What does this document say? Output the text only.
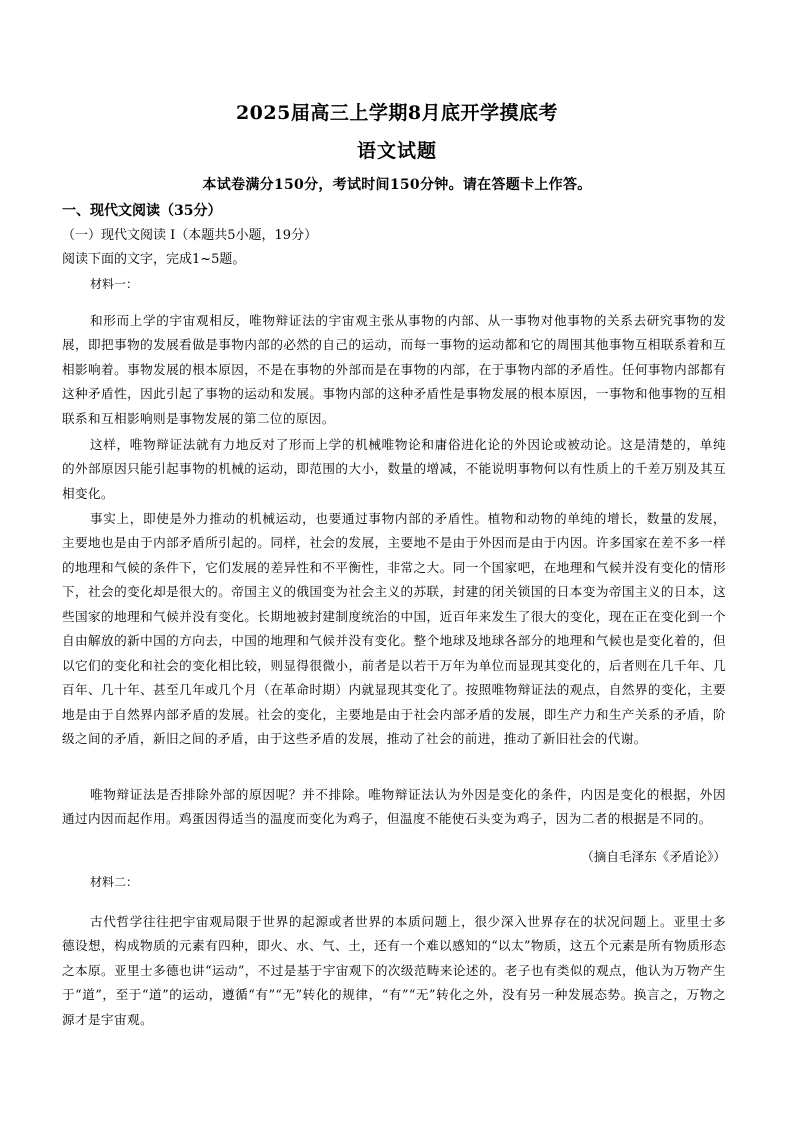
2025届高三上学期8月底开学摸底考
语文试题
本试卷满分150分，考试时间150分钟。请在答题卡上作答。
一、现代文阅读（35分）
（一）现代文阅读 I（本题共5小题，19分）
阅读下面的文字，完成1~5题。
材料一：

和形而上学的宇宙观相反，唯物辩证法的宇宙观主张从事物的内部、从一事物对他事物的关系去研究事物的发展，即把事物的发展看做是事物内部的必然的自己的运动，而每一事物的运动都和它的周围其他事物互相联系着和互相影响着。事物发展的根本原因，不是在事物的外部而是在事物的内部，在于事物内部的矛盾性。任何事物内部都有这种矛盾性，因此引起了事物的运动和发展。事物内部的这种矛盾性是事物发展的根本原因，一事物和他事物的互相联系和互相影响则是事物发展的第二位的原因。

这样，唯物辩证法就有力地反对了形而上学的机械唯物论和庸俗进化论的外因论或被动论。这是清楚的，单纯的外部原因只能引起事物的机械的运动，即范围的大小，数量的增减，不能说明事物何以有性质上的千差万别及其互相变化。

事实上，即使是外力推动的机械运动，也要通过事物内部的矛盾性。植物和动物的单纯的增长，数量的发展，主要地也是由于内部矛盾所引起的。同样，社会的发展，主要地不是由于外因而是由于内因。许多国家在差不多一样的地理和气候的条件下，它们发展的差异性和不平衡性，非常之大。同一个国家吧，在地理和气候并没有变化的情形下，社会的变化却是很大的。帝国主义的俄国变为社会主义的苏联，封建的闭关锁国的日本变为帝国主义的日本，这些国家的地理和气候并没有变化。长期地被封建制度统治的中国，近百年来发生了很大的变化，现在正在变化到一个自由解放的新中国的方向去，中国的地理和气候并没有变化。整个地球及地球各部分的地理和气候也是变化着的，但以它们的变化和社会的变化相比较，则显得很微小，前者是以若干万年为单位而显现其变化的，后者则在几千年、几百年、几十年、甚至几年或几个月（在革命时期）内就显现其变化了。按照唯物辩证法的观点，自然界的变化，主要地是由于自然界内部矛盾的发展。社会的变化，主要地是由于社会内部矛盾的发展，即生产力和生产关系的矛盾，阶级之间的矛盾，新旧之间的矛盾，由于这些矛盾的发展，推动了社会的前进，推动了新旧社会的代谢。

唯物辩证法是否排除外部的原因呢？并不排除。唯物辩证法认为外因是变化的条件，内因是变化的根据，外因通过内因而起作用。鸡蛋因得适当的温度而变化为鸡子，但温度不能使石头变为鸡子，因为二者的根据是不同的。

（摘自毛泽东《矛盾论》）
材料二：

古代哲学往往把宇宙观局限于世界的起源或者世界的本质问题上，很少深入世界存在的状况问题上。亚里士多德设想，构成物质的元素有四种，即火、水、气、土，还有一个难以感知的“以太”物质，这五个元素是所有物质形态之本原。亚里士多德也讲“运动”，不过是基于宇宙观下的次级范畴来论述的。老子也有类似的观点，他认为万物产生于“道”，至于“道”的运动，遵循“有”“无”转化的规律，“有”“无”转化之外，没有另一种发展态势。换言之，万物之源才是宇宙观。
